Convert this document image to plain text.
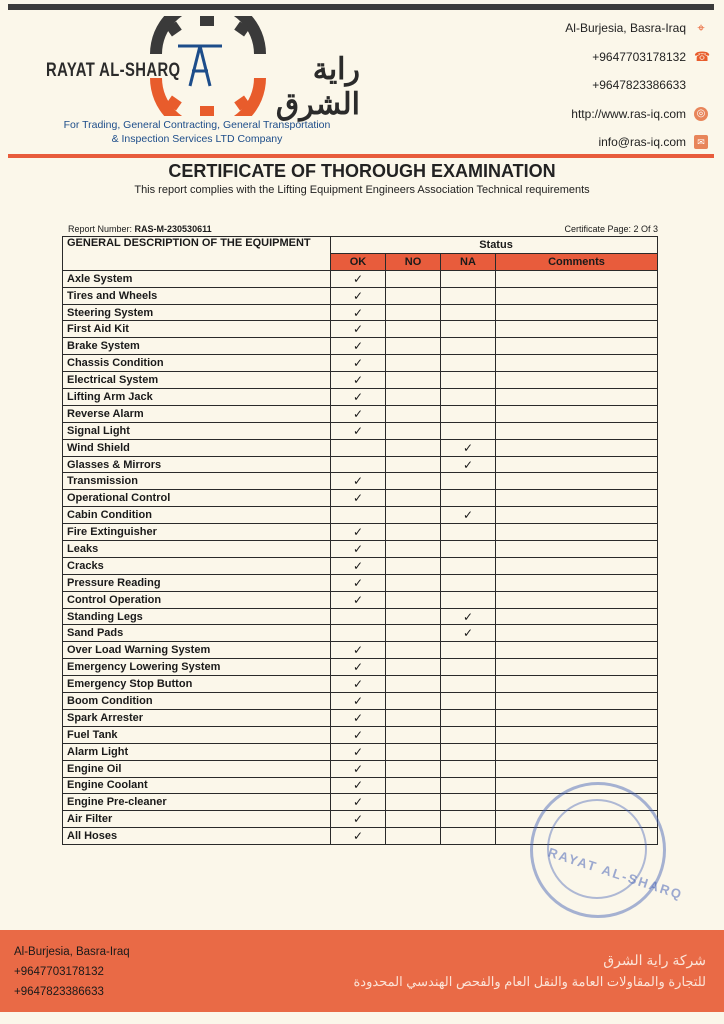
RAYAT AL-SHARQ	راية الشرق
For Trading, General Contracting, General Transportation
& Inspection Services LTD Company
Al-Burjesia, Basra-Iraq ⌖
+9647703178132 ☎
+9647823386633
http://www.ras-iq.com ◎
info@ras-iq.com	✉
CERTIFICATE OF THOROUGH EXAMINATION
This report complies with the Lifting Equipment Engineers Association Technical requirements
Report Number: RAS-M-230530611	Certificate Page: 2 Of 3
GENERAL DESCRIPTION OF THE EQUIPMENT	Status			
	OK	NO	NA	Comments
Axle System	✓			
Tires and Wheels	✓			
Steering System	✓			
First Aid Kit	✓			
Brake System	✓			
Chassis Condition	✓			
Electrical System	✓			
Lifting Arm Jack	✓			
Reverse Alarm	✓			
Signal Light	✓			
Wind Shield			✓	
Glasses & Mirrors			✓	
Transmission	✓			
Operational Control	✓			
Cabin Condition			✓	
Fire Extinguisher	✓			
Leaks	✓			
Cracks	✓			
Pressure Reading	✓			
Control Operation	✓			
Standing Legs			✓	
Sand Pads			✓	
Over Load Warning System	✓			
Emergency Lowering System	✓			
Emergency Stop Button	✓			
Boom Condition	✓			
Spark Arrester	✓			
Fuel Tank	✓			
Alarm Light	✓			
Engine Oil	✓			
Engine Coolant	✓			
Engine Pre-cleaner	✓			
Air Filter	✓			
All Hoses	✓			
RAYAT AL-SHARQ
Al-Burjesia, Basra-Iraq
+9647703178132
+9647823386633
شركة راية الشرق
للتجارة والمقاولات العامة والنقل العام والفحص الهندسي المحدودة
